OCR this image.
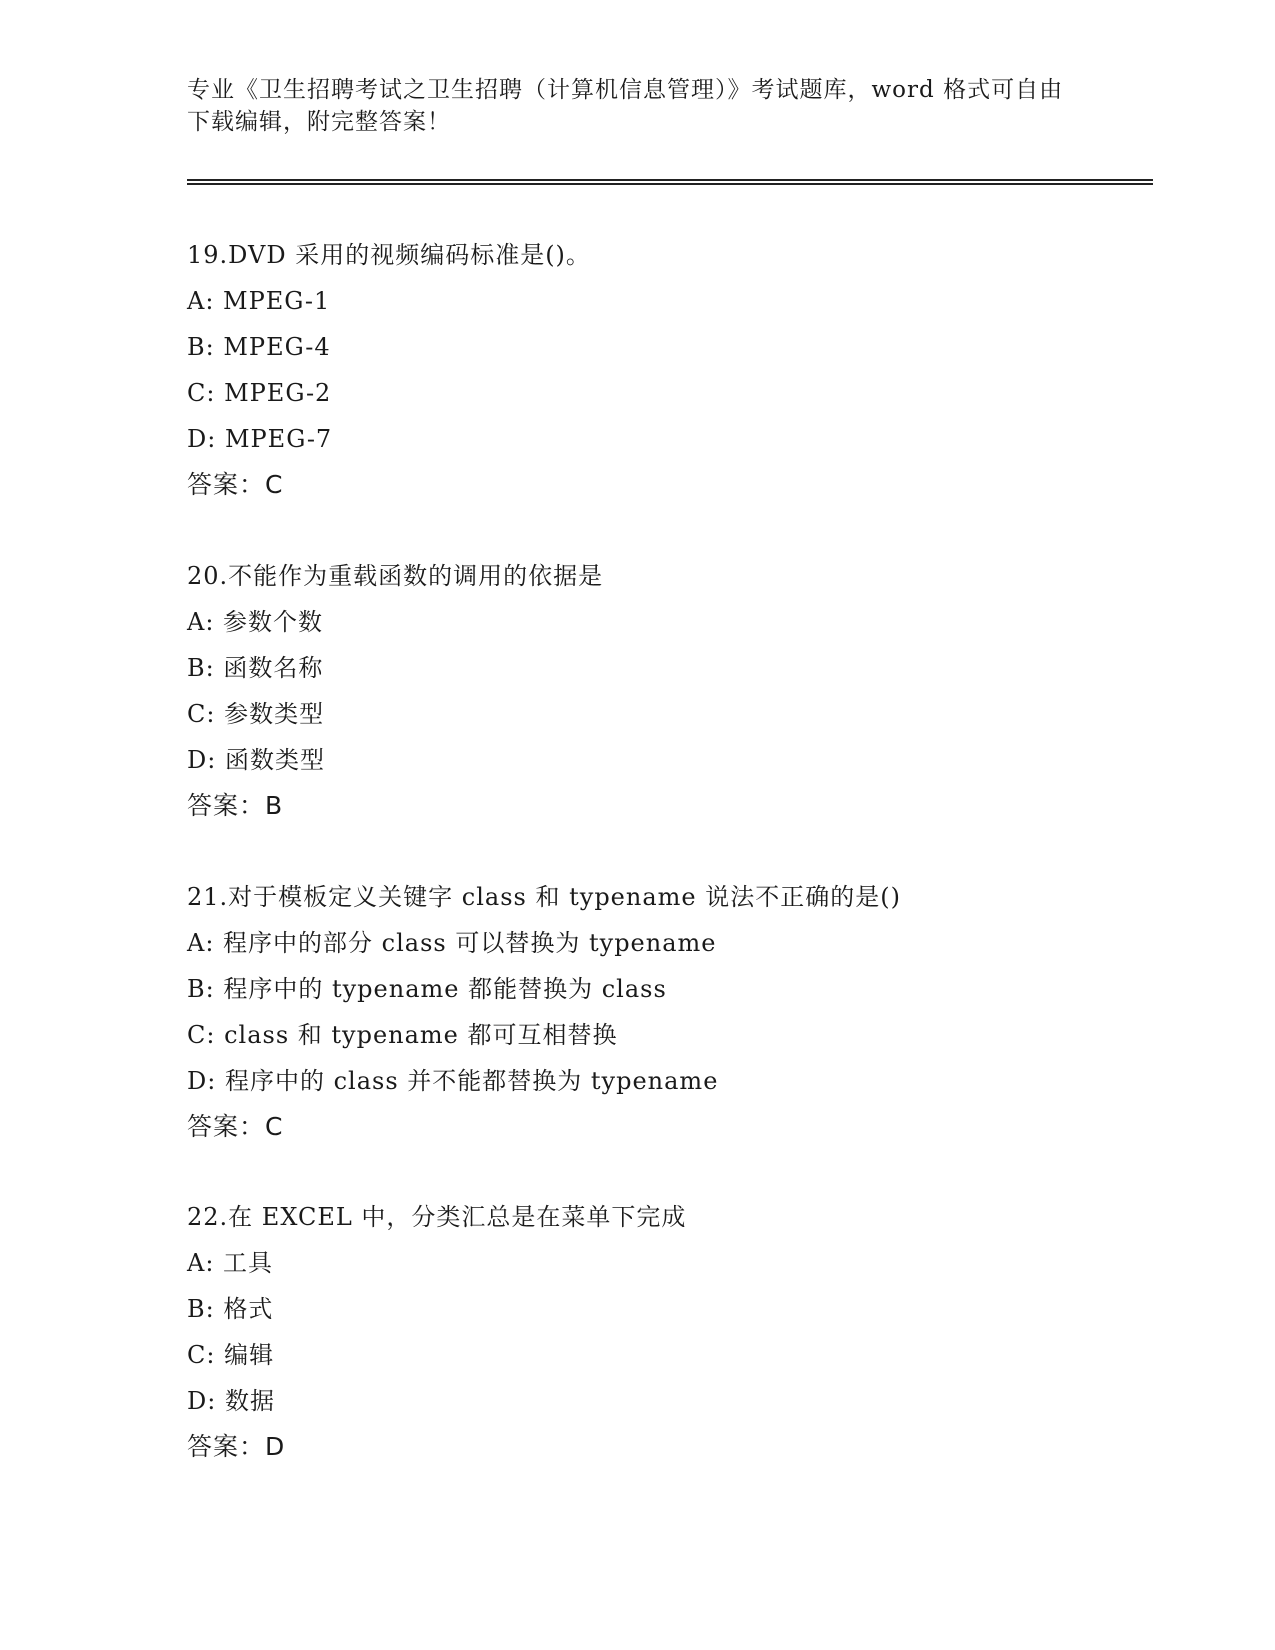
专业《卫生招聘考试之卫生招聘（计算机信息管理）》考试题库，word 格式可自由下载编辑，附完整答案！

19.DVD 采用的视频编码标准是()。

A: MPEG-1

B: MPEG-4

C: MPEG-2

D: MPEG-7

答案：C

20.不能作为重载函数的调用的依据是

A: 参数个数

B: 函数名称

C: 参数类型

D: 函数类型

答案：B

21.对于模板定义关键字 class 和 typename 说法不正确的是()

A: 程序中的部分 class 可以替换为 typename

B: 程序中的 typename 都能替换为 class

C: class 和 typename 都可互相替换

D: 程序中的 class 并不能都替换为 typename

答案：C

22.在 EXCEL 中，分类汇总是在菜单下完成

A: 工具

B: 格式

C: 编辑

D: 数据

答案：D
